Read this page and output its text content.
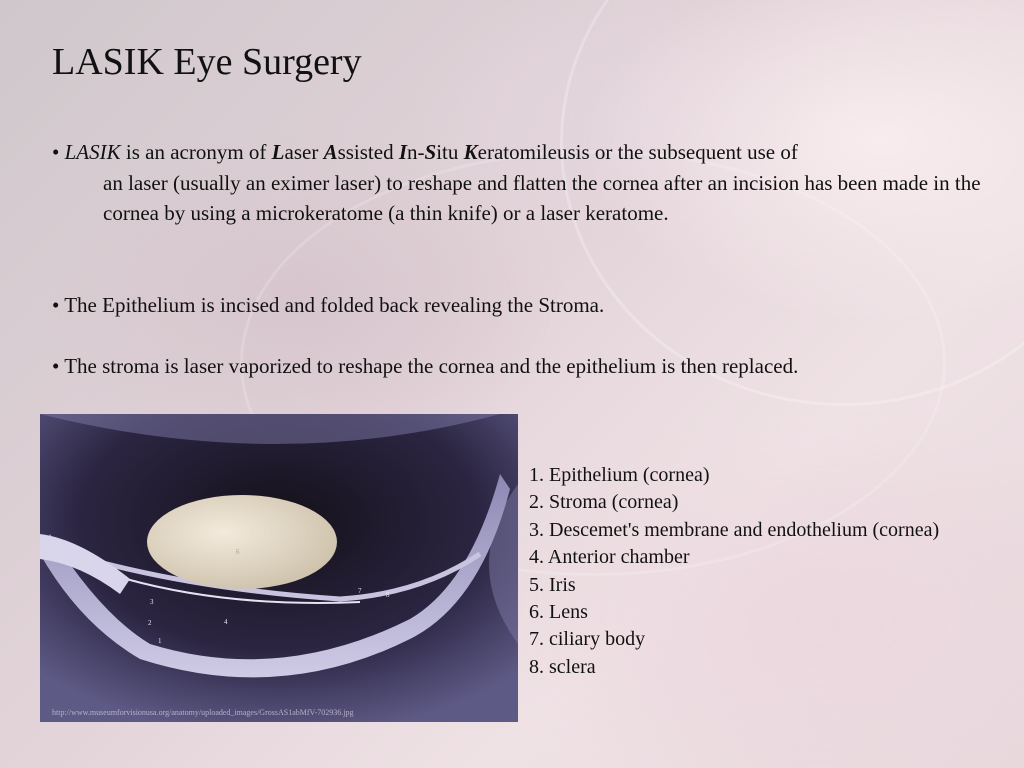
LASIK Eye Surgery
• LASIK is an acronym of Laser Assisted In-Situ Keratomileusis or the subsequent use of
an laser (usually an eximer laser) to reshape and flatten the cornea after an incision has been made in the cornea by using a microkeratome (a thin knife) or a laser keratome.
• The Epithelium is incised and folded back revealing the Stroma.
• The stroma is laser vaporized to reshape the cornea and the epithelium is then replaced.
6
3
2
1
4
7	8
http://www.museumforvisionusa.org/anatomy/uploaded_images/GrossAS1abMfV-702936.jpg
1. Epithelium (cornea)
2. Stroma (cornea)
3. Descemet's membrane and endothelium (cornea)
4. Anterior chamber
5. Iris
6. Lens
7. ciliary body
8. sclera
